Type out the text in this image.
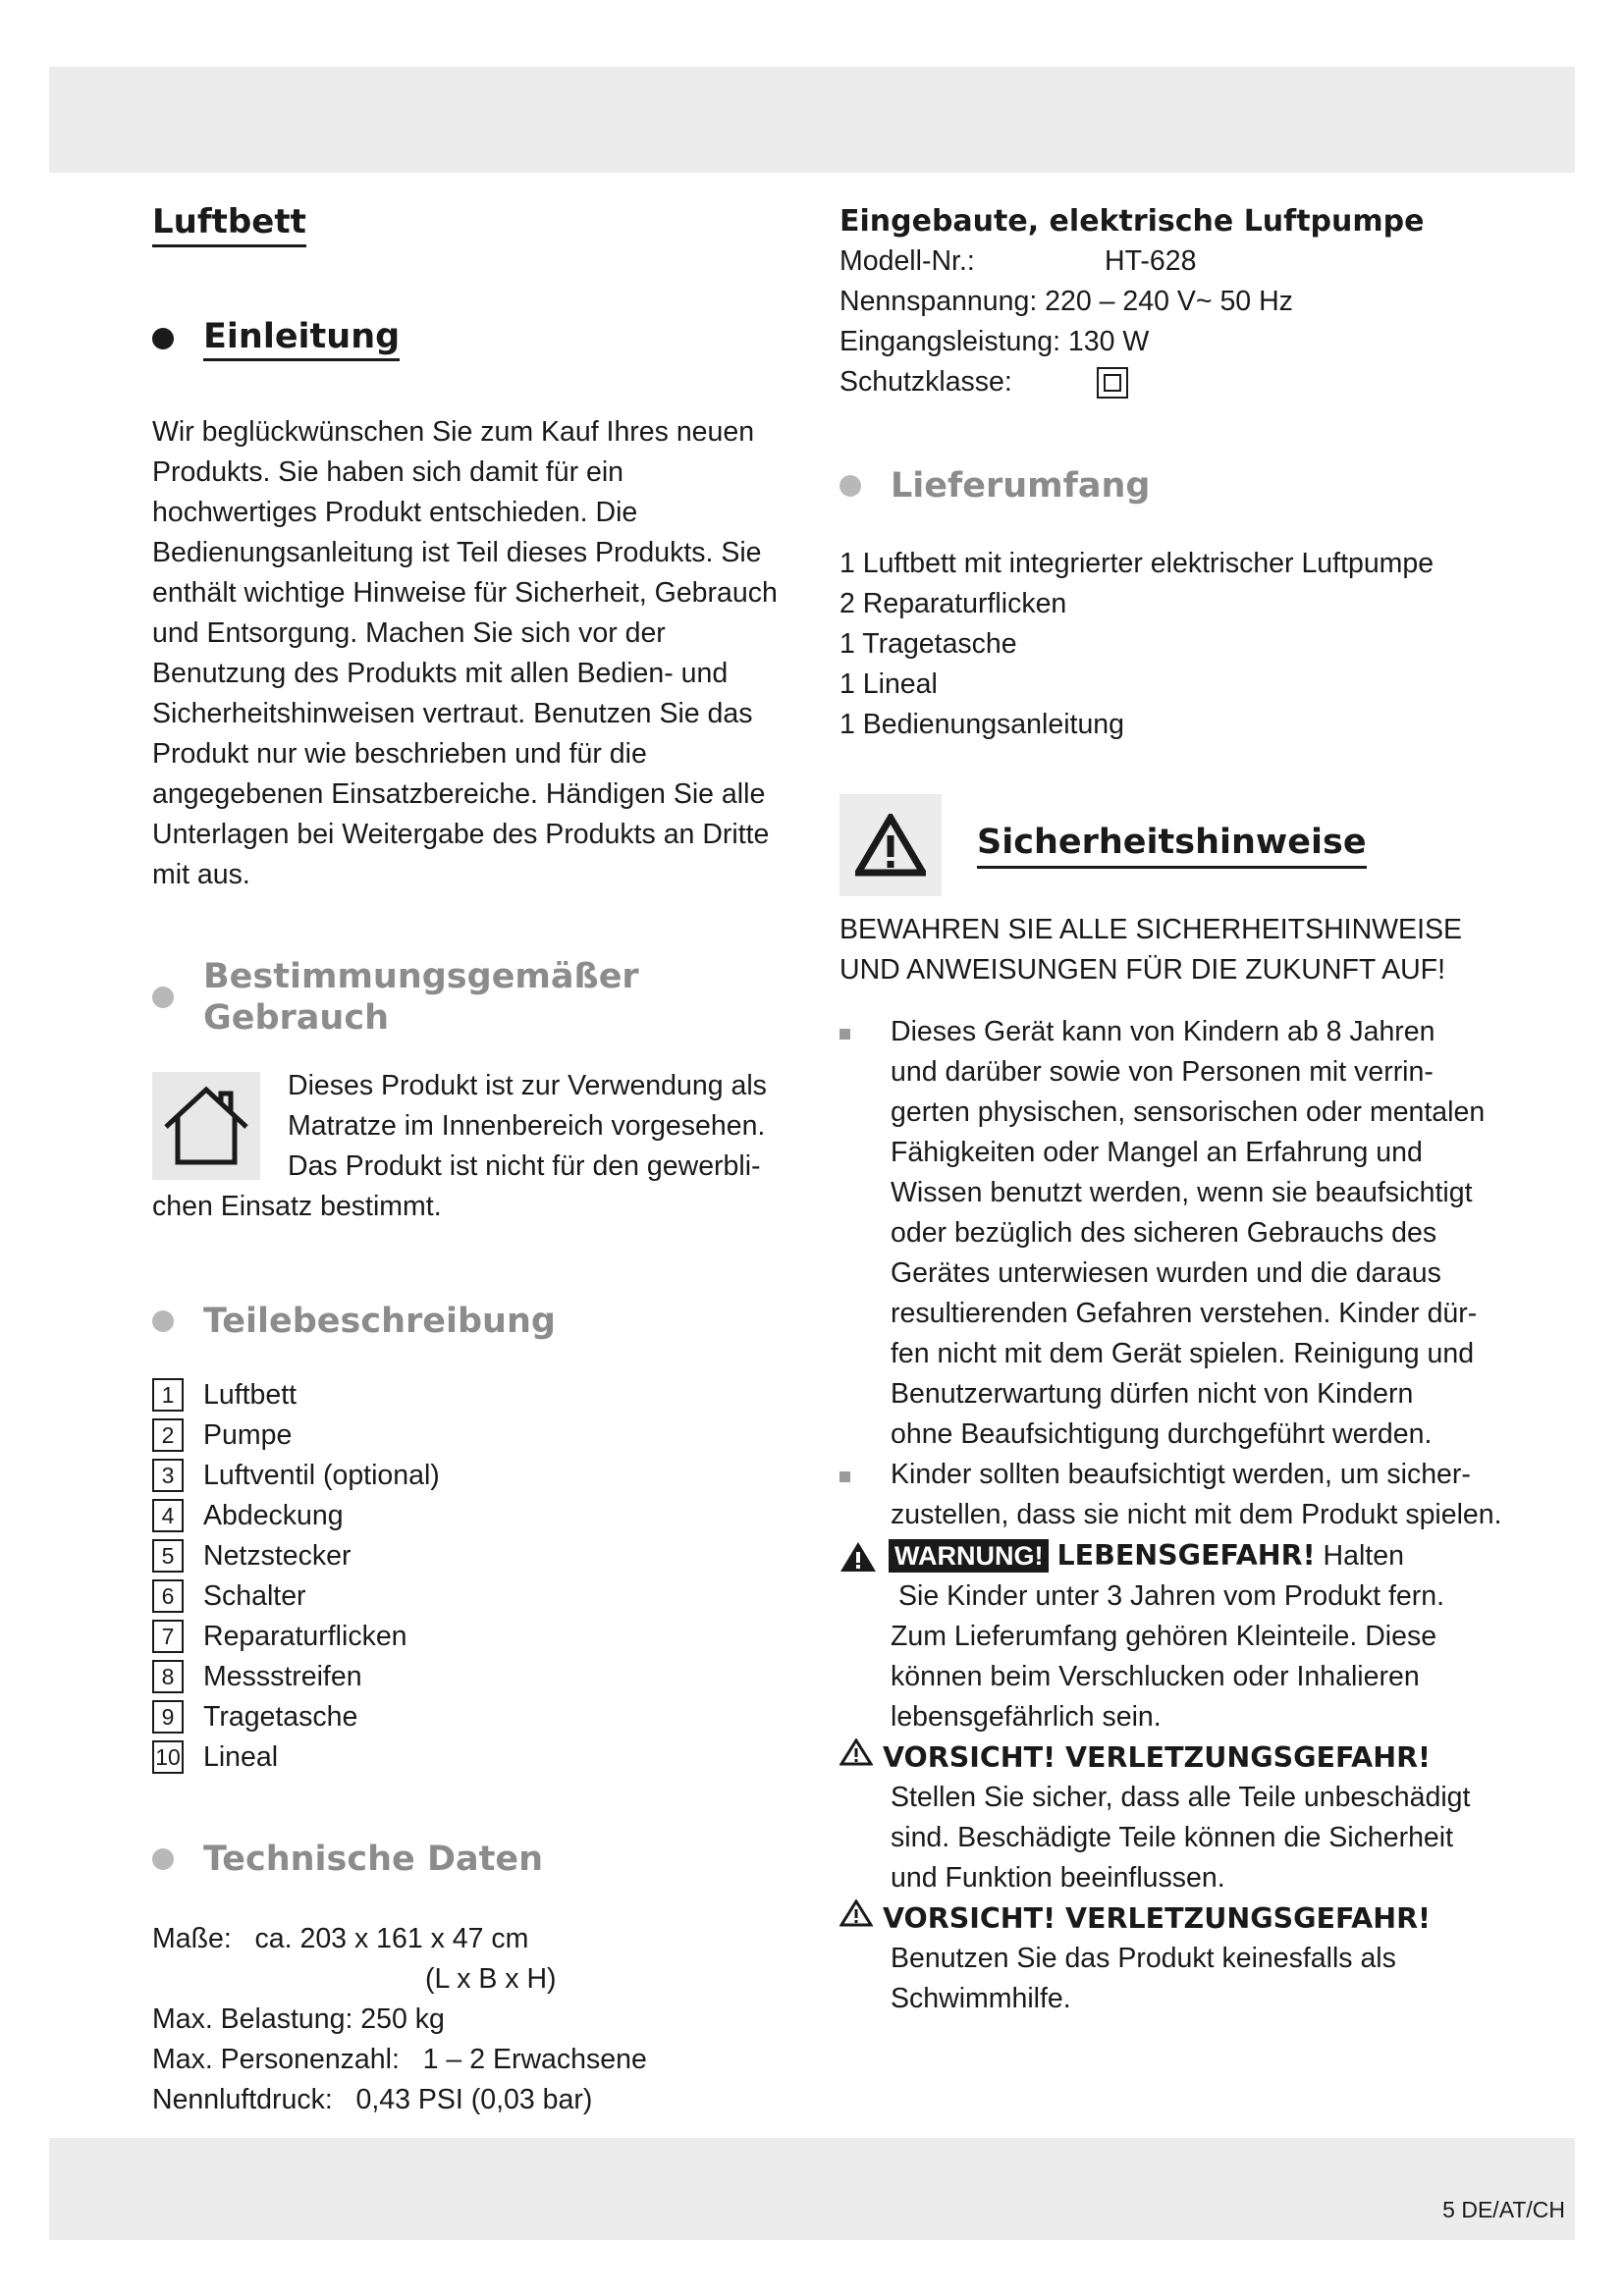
5 DE/AT/CH
Luftbett
Einleitung

Wir beglückwünschen Sie zum Kauf Ihres neuen Produkts. Sie haben sich damit für ein hochwertiges Produkt entschieden. Die Bedienungsanleitung ist Teil dieses Produkts. Sie enthält wichtige Hinweise für Sicherheit, Gebrauch und Entsorgung. Machen Sie sich vor der Benutzung des Produkts mit allen Bedien- und Sicherheitshinweisen vertraut. Benutzen Sie das Produkt nur wie beschrieben und für die angegebenen Einsatzbereiche. Händigen Sie alle Unterlagen bei Weitergabe des Produkts an Dritte mit aus.

Bestimmungsgemäßer Gebrauch
Dieses Produkt ist zur Verwendung als
Matratze im Innenbereich vorgesehen.
Das Produkt ist nicht für den gewerbli-
chen Einsatz bestimmt.
Teilebeschreibung
1	Luftbett
2	Pumpe
3	Luftventil (optional)
4	Abdeckung
5	Netzstecker
6	Schalter
7	Reparaturflicken
8	Messstreifen
9	Tragetasche
10 Lineal
Technische Daten
Maße: ca. 203 x 161 x 47 cm
(L x B x H)
Max. Belastung: 250 kg
Max. Personenzahl: 1 – 2 Erwachsene
Nennluftdruck: 0,43 PSI (0,03 bar)
Eingebaute, elektrische Luftpumpe
Modell-Nr.:	HT-628
Nennspannung: 220 – 240 V~ 50 Hz
Eingangsleistung: 130 W
Schutzklasse:
Lieferumfang
1 Luftbett mit integrierter elektrischer Luftpumpe
2 Reparaturflicken
1 Tragetasche
1 Lineal
1 Bedienungsanleitung
Sicherheitshinweise
BEWAHREN SIE ALLE SICHERHEITSHINWEISE
UND ANWEISUNGEN FÜR DIE ZUKUNFT AUF!
Dieses Gerät kann von Kindern ab 8 Jahren
und darüber sowie von Personen mit verrin-
gerten physischen, sensorischen oder mentalen
Fähigkeiten oder Mangel an Erfahrung und
Wissen benutzt werden, wenn sie beaufsichtigt
oder bezüglich des sicheren Gebrauchs des
Gerätes unterwiesen wurden und die daraus
resultierenden Gefahren verstehen. Kinder dür-
fen nicht mit dem Gerät spielen. Reinigung und
Benutzerwartung dürfen nicht von Kindern
ohne Beaufsichtigung durchgeführt werden.
Kinder sollten beaufsichtigt werden, um sicher-
zustellen, dass sie nicht mit dem Produkt spielen.
WARNUNG! LEBENSGEFAHR! Halten
Sie Kinder unter 3 Jahren vom Produkt fern.
Zum Lieferumfang gehören Kleinteile. Diese
können beim Verschlucken oder Inhalieren
lebensgefährlich sein.
VORSICHT! VERLETZUNGSGEFAHR!
Stellen Sie sicher, dass alle Teile unbeschädigt
sind. Beschädigte Teile können die Sicherheit
und Funktion beeinflussen.
VORSICHT! VERLETZUNGSGEFAHR!
Benutzen Sie das Produkt keinesfalls als
Schwimmhilfe.
